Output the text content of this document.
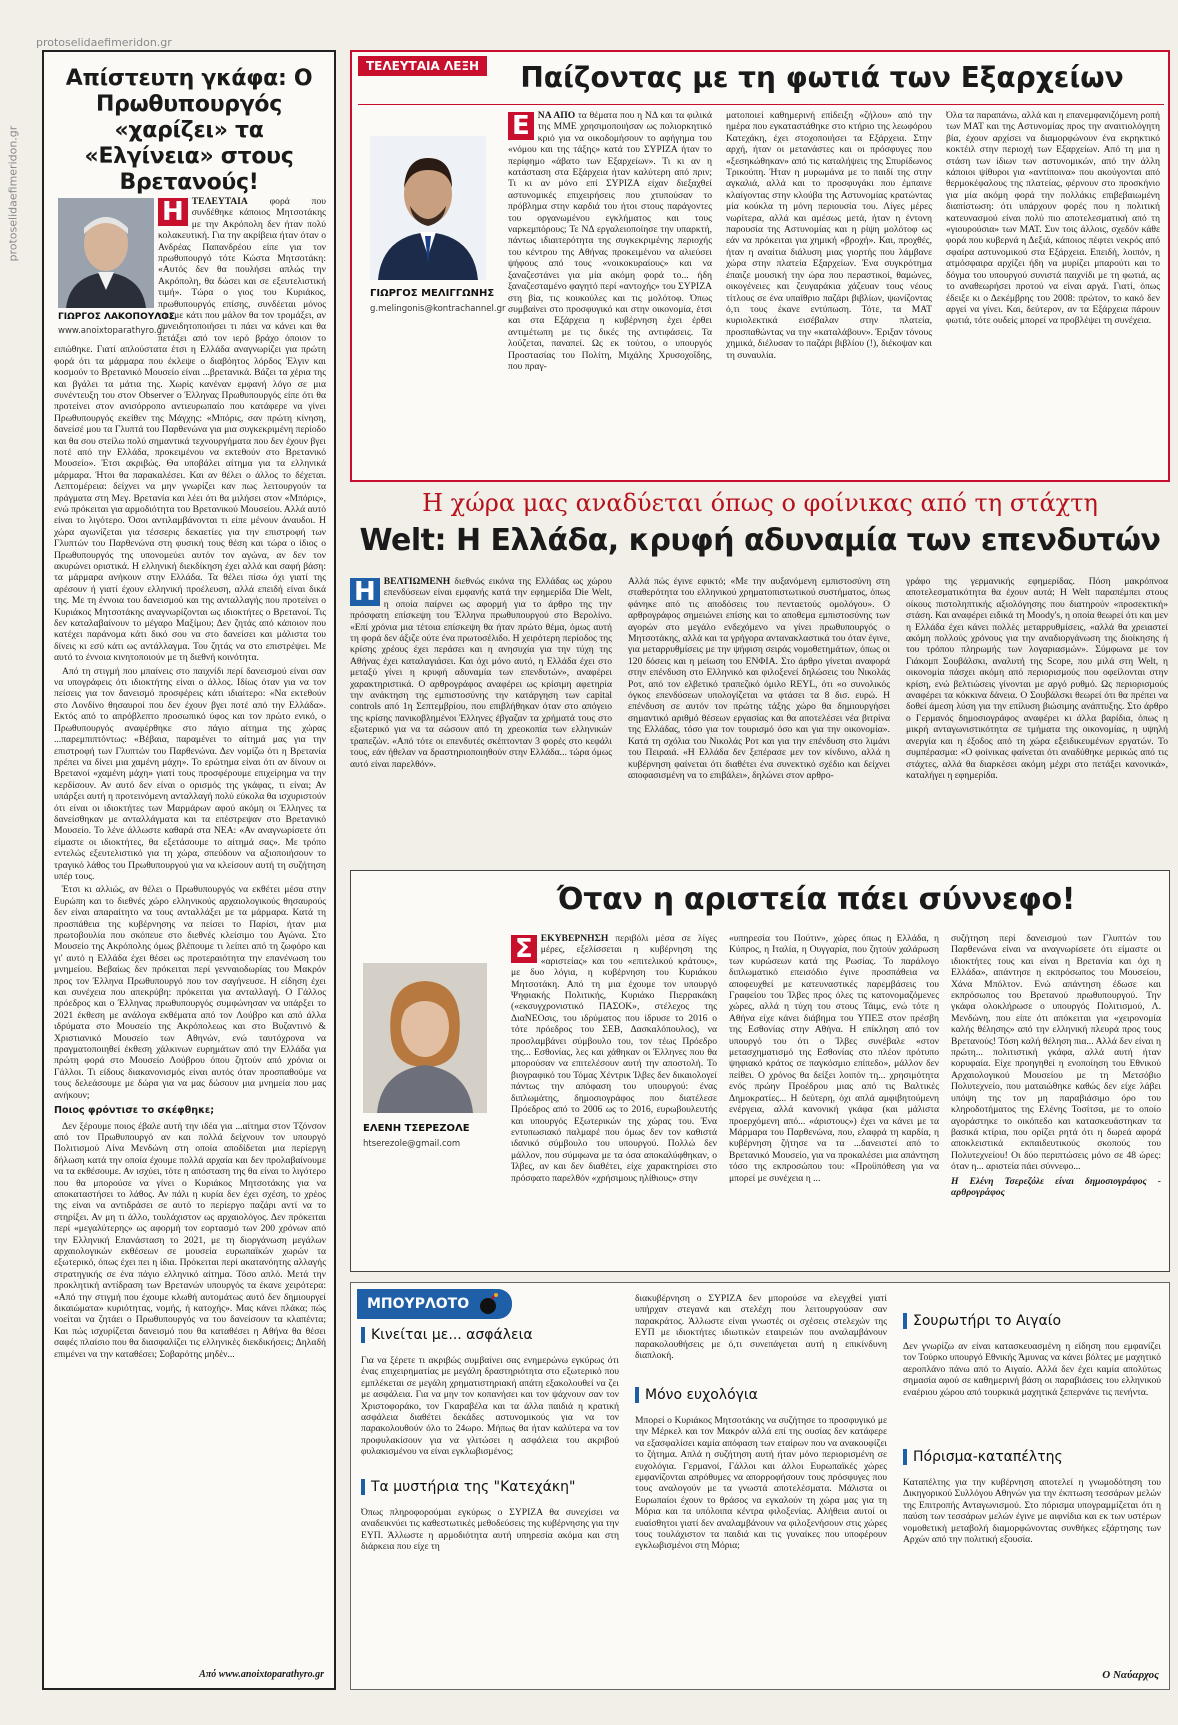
protoselidaefimeridon.gr
protoselidaefimeridon.gr
Απίστευτη γκάφα: Ο Πρωθυπουργός «χαρίζει» τα «Ελγίνεια» στους Βρετανούς!
ΓΙΩΡΓΟΣ ΛΑΚΟΠΟΥΛΟΣ
www.anoixtoparathyro.gr
Η ΤΕΛΕΥΤΑΙΑ φορά που συνδέθηκε κάποιος Μητσοτάκης με την Ακρόπολη δεν ήταν πολύ κολακευτική. Για την ακρίβεια ήταν όταν ο Ανδρέας Παπανδρέου είπε για τον πρωθυπουργό τότε Κώστα Μητσοτάκη: «Αυτός δεν θα πουλήσει απλώς την Ακρόπολη, θα δώσει και σε εξευτελιστική τιμή». Τώρα ο γιος του Κυριάκος, πρωθυπουργός επίσης, συνδέεται μόνος του με κάτι που μάλον θα τον τρομάξει, αν συνειδητοποιήσει τι πάει να κάνει και θα πετάξει από τον ιερό βράχο όποιον το ειπώθηκε. Γιατί απλούστατα έτσι η Ελλάδα αναγνωρίζει για πρώτη φορά ότι τα μάρμαρα που έκλεψε ο διαβόητος λόρδος Έλγιν και κοσμούν το Βρετανικό Μουσείο είναι ...βρετανικά. Βάζει τα χέρια της και βγάλει τα μάτια της. Χωρίς κανέναν εμφανή λόγο σε μια συνέντευξη του στον Observer ο Έλληνας Πρωθυπουργός είπε ότι θα προτείνει στον ανισόρροπο αντιευρωπαίο που κατάφερε να γίνει Πρωθυπουργός εκείθεν της Μάγχης: «Μπόρις, σαν πρώτη κίνηση, δανείσέ μου τα Γλυπτά του Παρθενώνα για μια συγκεκριμένη περίοδο και θα σου στείλω πολύ σημαντικά τεχνουργήματα που δεν έχουν βγει ποτέ από την Ελλάδα, προκειμένου να εκτεθούν στο Βρετανικό Μουσείο». Έτσι ακριβώς. Θα υποβάλει αίτημα για τα ελληνικά μάρμαρα. Ήτοι θα παρακαλέσει. Και αν θέλει ο άλλος το δέχεται. Λεπτομέρεια: δείχνει να μην γνωρίζει καν πως λειτουργούν τα πράγματα στη Μεγ. Βρετανία και λέει ότι θα μιλήσει στον «Μπόρις», ενώ πρόκειται για αρμοδιότητα του Βρετανικού Μουσείου. Αλλά αυτό είναι το λιγότερο. Όσοι αντιλαμβάνονται τι είπε μένουν άναυδοι. Η χώρα αγωνίζεται για τέσσερις δεκαετίες για την επιστροφή των Γλυπτών του Παρθενώνα στη φυσική τους θέση και τώρα ο ίδιος ο Πρωθυπουργός της υπονομεύει αυτόν τον αγώνα, αν δεν τον ακυρώνει οριστικά. Η ελληνική διεκδίκηση έχει αλλά και σαφή βάση: τα μάρμαρα ανήκουν στην Ελλάδα. Τα θέλει πίσω όχι γιατί της αρέσουν ή γιατί έχουν ελληνική προέλευση, αλλά επειδή είναι δικά της. Με τη έννοια του δανεισμού και της ανταλλαγής που προτείνει ο Κυριάκος Μητσοτάκης αναγνωρίζονται ως ιδιοκτήτες ο Βρετανοί. Τις δεν καταλαβαίνουν το μέγαρο Μαξίμου; Δεν ζητάς από κάποιον που κατέχει παράνομα κάτι δικό σου να στο δανείσει και μάλιστα του δίνεις κι εσύ κάτι ως αντάλλαγμα. Του ζητάς να στο επιστρέψει. Με αυτό το έννοια κινητοποιούν με τη διεθνή κοινότητα.

Από τη στιγμή που μπαίνεις στο παιχνίδι περί δανεισμού είναι σαν να υπογράφεις ότι ιδιοκτήτης είναι ο άλλος. Ιδίως όταν για να τον πείσεις για τον δανεισμό προσφέρεις κάτι ιδιαίτερο: «Να εκτεθούν στο Λονδίνο θησαυροί που δεν έχουν βγει ποτέ από την Ελλάδα». Εκτός από το απρόβλεπτο προσωπικό ύφος και τον πρώτο ενικό, ο Πρωθυπουργός αναφέρθηκε στο πάγιο αίτημα της χώρας ...παρεμπιπτόντως: «Βέβαια, παραμένει το αίτημά μας για την επιστροφή των Γλυπτών του Παρθενώνα. Δεν νομίζω ότι η Βρετανία πρέπει να δίνει μια χαμένη μάχη». Το ερώτημα είναι ότι αν δίνουν οι Βρετανοί «χαμένη μάχη» γιατί τους προσφέρουμε επιχείρημα να την κερδίσουν. Αν αυτό δεν είναι ο ορισμός της γκάφας, τι είναι; Αν υπάρξει αυτή η προτεινόμενη ανταλλαγή πολύ εύκολα θα ισχυριστούν ότι είναι οι ιδιοκτήτες των Μαρμάρων αφού ακόμη οι Έλληνες τα δανείσθηκαν με ανταλλάγματα και τα επέστρεψαν στο Βρετανικό Μουσείο. Το λένε άλλωστε καθαρά στα ΝΕΑ: «Αν αναγνωρίσετε ότι είμαστε οι ιδιοκτήτες, θα εξετάσουμε το αίτημά σας». Με τρόπο εντελώς εξευτελιστικό για τη χώρα, σπεύδουν να αξιοποιήσουν το τραγικό λάθος του Πρωθυπουργού για να κλείσουν αυτή τη συζήτηση υπέρ τους.

Έτσι κι αλλιώς, αν θέλει ο Πρωθυπουργός να εκθέτει μέσα στην Ευρώπη και το διεθνές χώρο ελληνικούς αρχαιολογικούς θησαυρούς δεν είναι απαραίτητο να τους ανταλλάξει με τα μάρμαρα. Κατά τη προσπάθεια της κυβέρνησης να πείσει το Παρίσι, ήταν μια πρωτοβουλία που σκόπευε στο διεθνές κλείσιμο του Αγώνα. Στο Μουσείο της Ακρόπολης όμως βλέπουμε τι λείπει από τη ζωφόρο και γι' αυτό η Ελλάδα έχει θέσει ως προτεραιότητα την επανένωση του μνημείου. Βεβαίως δεν πρόκειται περί γενναιοδωρίας του Μακρόν προς τον Έλληνα Πρωθυπουργό που τον σαγήνευσε. Η είδηση έχει και συνέχεια που απεκρύβη: πρόκειται για ανταλλαγή. Ο Γάλλος πρόεδρος και ο Έλληνας πρωθυπουργός συμφώνησαν να υπάρξει το 2021 έκθεση με ανάλογα εκθέματα από τον Λούβρο και από άλλα ιδρύματα στο Μουσείο της Ακρόπολεως και στο Βυζαντινό & Χριστιανικό Μουσείο των Αθηνών, ενώ ταυτόχρονα να πραγματοποιηθεί έκθεση χάλκινων ευρημάτων από την Ελλάδα για πρώτη φορά στο Μουσείο Λούβρου όπου ζητούν από χρόνια οι Γάλλοι. Τι είδους διακανονισμός είναι αυτός όταν προσπαθούμε να τους δελεάσουμε με δώρα για να μας δώσουν μια μνημεία που μας ανήκουν;

Ποιος φρόντισε το σκέφθηκε;

Δεν ξέρουμε ποιος έβαλε αυτή την ιδέα για ...αίτημα στον Τζόνσον από τον Πρωθυπουργό αν και πολλά δείχνουν τον υπουργό Πολιτισμού Λίνα Μενδώνη στη οποία αποδίδεται μια περίεργη δήλωση κατά την οποία έχουμε πολλά αρχαία και δεν προλαβαίνουμε να τα εκθέσουμε. Αν ισχύει, τότε η απόσταση της θα είναι το λιγότερο που θα μπορούσε να γίνει ο Κυριάκος Μητσοτάκης για να αποκαταστήσει το λάθος. Αν πάλι η κυρία δεν έχει σχέση, το χρέος της είναι να αντιδράσει σε αυτό το περίεργο παζάρι αντί να το στηρίξει. Αν μη τι άλλο, τουλάχιστον ως αρχαιολόγος. Δεν πρόκειται περί «μεγαλύτερης» ως αφορμή τον εορτασμό των 200 χρόνων από την Ελληνική Επανάσταση το 2021, με τη διοργάνωση μεγάλων αρχαιολογικών εκθέσεων σε μουσεία ευρωπαϊκών χωρών τα εξωτερικό, όπως έχει πει η ίδια. Πρόκειται περί ακατανόητης αλλαγής στρατηγικής σε ένα πάγιο ελληνικό αίτημα. Τόσο απλό. Μετά την προκλητική αντίδραση των Βρετανών υπουργός τα έκανε χειρότερα: «Από την στιγμή που έχουμε κλωθή αυτομάτως αυτό δεν δημιουργεί δικαιώματα» κυριότητας, νομής, ή κατοχής». Μας κάνει πλάκα; πώς νοείται να ζητάει ο Πρωθυπουργός να του δανείσουν τα κλαπέντα; Και πώς ισχυρίζεται δανεισμό που θα καταθέσει η Αθήνα θα θέσει σαφές πλαίσιο που θα διασφαλίζει τις ελληνικές διεκδικήσεις; Δηλαδή επιμένει να την καταθέσει; Σοβαρότης μηδέν...

Από www.anoixtoparathyro.gr
ΤΕΛΕΥΤΑΙΑ ΛΕΞΗ	Παίζοντας με τη φωτιά των Εξαρχείων
ΓΙΩΡΓΟΣ ΜΕΛΙΓΓΩΝΗΣ
g.melingonis@kontrachannel.gr
Ε ΝΑ ΑΠΟ τα θέματα που η ΝΔ και τα φιλικά της ΜΜΕ χρησιμοποιήσαν ως πολιορκητικό κριό για να οικοδομήσουν το αφήγημα του «νόμου και της τάξης» κατά του ΣΥΡΙΖΑ ήταν το περίφημο «άβατο των Εξαρχείων». Τι κι αν η κατάσταση στα Εξάρχεια ήταν καλύτερη από πριν; Τι κι αν μόνο επί ΣΥΡΙΖΑ είχαν διεξαχθεί αστυνομικές επιχειρήσεις που χτυπούσαν το πρόβλημα στην καρδιά του ήτοι στους παράγοντες του οργανωμένου εγκλήματος και τους ναρκεμπόρους; Τε ΝΔ εργαλειοποίησε την υπαρκτή, πάντως ιδιαιτερότητα της συγκεκριμένης περιοχής του κέντρου της Αθήνας προκειμένου να αλιεύσει ψήφους από τους «νοικοκυραίους» και να ξαναζεστάνει για μία ακόμη φορά το... ήδη ξαναζεσταμένο φαγητό περί «αντοχής» του ΣΥΡΙΖΑ στη βία, τις κουκούλες και τις μολότοφ. Όπως συμβαίνει στο προσφυγικό και στην οικονομία, έτσι και στα Εξάρχεια η κυβέρνηση έχει έρθει αντιμέτωπη με τις δικές της αντιφάσεις. Τα λούζεται, παναπεί. Ως εκ τούτου, ο υπουργός Προστασίας του Πολίτη, Μιχάλης Χρυσοχοΐδης, που πραγ-
ματοποιεί καθημερινή επίδειξη «ζήλου» από την ημέρα που εγκαταστάθηκε στο κτήριο της λεωφόρου Κατεχάκη, έχει στοχοποιήσει τα Εξάρχεια. Στην αρχή, ήταν οι μετανάστες και οι πρόσφυγες που «ξεσηκώθηκαν» από τις καταλήψεις της Σπυρίδωνος Τρικούπη. Ήταν η μυρωμάνα με το παιδί της στην αγκαλιά, αλλά και το προσφυγάκι που έμπαινε κλαίγοντας στην κλούβα της Αστυνομίας κρατώντας μία κούκλα τη μόνη περιουσία του. Λίγες μέρες νωρίτερα, αλλά και αμέσως μετά, ήταν η έντονη παρουσία της Αστυνομίας και η ρίψη μολότοφ ως εάν να πρόκειται για χημική «βροχή». Και, προχθές, ήταν η αναίτια διάλυση μιας γιορτής που λάμβανε χώρα στην πλατεία Εξαρχείων. Ένα συγκρότημα έπαιζε μουσική την ώρα που περαστικοί, θαμώνες, οικογένειες και ζευγαράκια χάζευαν τους νέους τίτλους σε ένα υπαίθριο παζάρι βιβλίων, ψωνίζοντας ό,τι τους έκανε εντύπωση. Τότε, τα ΜΑΤ κυριολεκτικά εισέβαλαν στην πλατεία, προσπαθώντας να την «καταλάβουν». Έριξαν τόνους χημικά, διέλυσαν το παζάρι βιβλίου (!), διέκοψαν και τη συναυλία.
Όλα τα παραπάνω, αλλά και η επανεμφανιζόμενη ροπή των ΜΑΤ και της Αστυνομίας προς την αναιτιολόγητη βία, έχουν αρχίσει να διαμορφώνουν ένα εκρηκτικό κοκτέιλ στην περιοχή των Εξαρχείων. Από τη μια η στάση των ίδιων των αστυνομικών, από την άλλη κάποιοι ψίθυροι για «αντίποινα» που ακούγονται από θερμοκέφαλους της πλατείας, φέρνουν στο προσκήνιο για μία ακόμη φορά την πολλάκις επιβεβαιωμένη διαπίστωση: ότι υπάρχουν φορές που η πολιτική κατευνασμού είναι πολύ πιο αποτελεσματική από τη «γιουρούσια» των ΜΑΤ. Συν τοις άλλοις, σχεδόν κάθε φορά που κυβερνά η Δεξιά, κάποιος πέφτει νεκρός από σφαίρα αστυνομικού στα Εξάρχεια. Επειδή, λοιπόν, η ατμόσφαιρα αρχίζει ήδη να μυρίζει μπαρούτι και το δόγμα του υπουργού συνιστά παιχνίδι με τη φωτιά, ας το αναθεωρήσει προτού να είναι αργά. Γιατί, όπως έδειξε κι ο Δεκέμβρης του 2008: πρώτον, το κακό δεν αργεί να γίνει. Και, δεύτερον, αν τα Εξάρχεια πάρουν φωτιά, τότε ουδείς μπορεί να προβλέψει τη συνέχεια.
Η χώρα μας αναδύεται όπως ο φοίνικας από τη στάχτη
Welt: Η Ελλάδα, κρυφή αδυναμία των επενδυτών
Η ΒΕΛΤΙΩΜΕΝΗ διεθνώς εικόνα της Ελλάδας ως χώρου επενδύσεων είναι εμφανής κατά την εφημερίδα Die Welt, η οποία παίρνει ως αφορμή για το άρθρο της την πρόσφατη επίσκεψη του Έλληνα πρωθυπουργού στο Βερολίνο. «Επί χρόνια μια τέτοια επίσκεψη θα ήταν πρώτο θέμα, όμως αυτή τη φορά δεν άξιζε ούτε ένα πρωτοσέλιδο. Η χειρότερη περίοδος της κρίσης χρέους έχει περάσει και η ανησυχία για την τύχη της Αθήνας έχει καταλαγιάσει. Και όχι μόνο αυτό, η Ελλάδα έχει στο μεταξύ γίνει η κρυφή αδυναμία των επενδυτών», αναφέρει χαρακτηριστικά. Ο αρθρογράφος αναφέρει ως κρίσιμη αφετηρία την ανάκτηση της εμπιστοσύνης την κατάργηση των capital controls από 1η Σεπτεμβρίου, που επιβλήθηκαν όταν στο απόγειο της κρίσης πανικοβλημένοι Έλληνες έβγαζαν τα χρήματά τους στο εξωτερικό για να τα σώσουν από τη χρεοκοπία των ελληνικών τραπεζών. «Από τότε οι επενδυτές σκέπτονταν 3 φορές στο κεφάλι τους, εάν ήθελαν να δραστηριοποιηθούν στην Ελλάδα... τώρα όμως αυτό είναι παρελθόν».
Αλλά πώς έγινε εφικτό; «Με την αυξανόμενη εμπιστοσύνη στη σταθερότητα του ελληνικού χρηματοπιστωτικού συστήματος, όπως φάνηκε από τις αποδόσεις του πενταετούς ομολόγου». Ο αρθρογράφος σημειώνει επίσης και το αποθεμα εμπιστοσύνης των αγορών στο μεγάλο ενδεχόμενο να γίνει πρωθυπουργός ο Μητσοτάκης, αλλά και τα γρήγορα αντανακλαστικά του όταν έγινε, για μεταρρυθμίσεις με την ψήφιση σειράς νομοθετημάτων, όπως οι 120 δόσεις και η μείωση του ΕΝΦΙΑ. Στο άρθρο γίνεται αναφορά στην επένδυση στο Ελληνικό και φιλοξενεί δηλώσεις του Νικολάς Ροτ, από τον ελβετικό τραπεζικό όμιλο REYL, ότι «ο συνολικός όγκος επενδύσεων υπολογίζεται να φτάσει τα 8 δισ. ευρώ. Η επένδυση σε αυτόν τον πρώτης τάξης χώρο θα δημιουργήσει σημαντικό αριθμό θέσεων εργασίας και θα αποτελέσει νέα βιτρίνα της Ελλάδας, τόσο για τον τουρισμό όσο και για την οικονομία». Κατά τη σχόλια του Νικολάς Ροτ και για την επένδυση στο λιμάνι του Πειραιά. «Η Ελλάδα δεν ξεπέρασε μεν τον κίνδυνο, αλλά η κυβέρνηση φαίνεται ότι διαθέτει ένα συνεκτικό σχέδιο και δείχνει αποφασισμένη να το επιβάλει», δηλώνει στον αρθρο-
γράφο της γερμανικής εφημερίδας. Πόση μακρόπνοα αποτελεσματικότητα θα έχουν αυτά; Η Welt παραπέμπει στους οίκους πιστοληπτικής αξιολόγησης που διατηρούν «προσεκτική» στάση. Και αναφέρει ειδικά τη Moody's, η οποία θεωρεί ότι και μεν η Ελλάδα έχει κάνει πολλές μεταρρυθμίσεις, «αλλά θα χρειαστεί ακόμη πολλούς χρόνους για την αναδιοργάνωση της διοίκησης ή του τρόπου πληρωμής των λογαριασμών». Σύμφωνα με τον Γιάκομπ Σουβάλσκι, αναλυτή της Scope, που μιλά στη Welt, η οικονομία πάσχει ακόμη από περιορισμούς που οφείλονται στην κρίση, ενώ βελτιώσεις γίνονται με αργό ρυθμό. Ως περιορισμούς αναφέρει τα κόκκινα δάνεια. Ο Σουβάλσκι θεωρεί ότι θα πρέπει να δοθεί άμεση λύση για την επίλυση βιώσιμης ανάπτυξης. Στο άρθρο ο Γερμανός δημοσιογράφος αναφέρει κι άλλα βαρίδια, όπως η μικρή ανταγωνιστικότητα σε τμήματα της οικονομίας, η υψηλή ανεργία και η έξοδος από τη χώρα εξειδικευμένων εργατών. Το συμπέρασμα: «Ο φοίνικας φαίνεται ότι αναδύθηκε μερικώς από τις στάχτες, αλλά θα διαρκέσει ακόμη μέχρι στο πετάξει κανονικά», καταλήγει η εφημερίδα.
Όταν η αριστεία πάει σύννεφο!
ΕΛΕΝΗ ΤΣΕΡΕΖΟΛΕ
htserezole@gmail.com
Σ ΕΚΥΒΕΡΝΗΣΗ περιβόλι μέσα σε λίγες μέρες, εξελίσσεται η κυβέρνηση της «αριστείας» και του «επιτελικού κράτους», με δυο λόγια, η κυβέρνηση του Κυριάκου Μητσοτάκη. Από τη μια έχουμε τον υπουργό Ψηφιακής Πολιτικής, Κυριάκο Πιερρακάκη («εκσυγχρονιστικό ΠΑΣΟΚ», στέλεχος της ΔιαΝΕΟσις, του ιδρύματος που ίδρυσε το 2016 ο τότε πρόεδρος του ΣΕΒ, Δασκαλόπουλος), να προσλαμβάνει σύμβουλο του, τον τέως Πρόεδρο της... Εσθονίας, λες και χάθηκαν οι Έλληνες που θα μπορούσαν να επιτελέσουν αυτή την αποστολή. Το βιογραφικό του Τόμας Χέντρικ Ίλβες δεν δικαιολογεί πάντως την απόφαση του υπουργού: ένας διπλωμάτης, δημοσιογράφος που διατέλεσε Πρόεδρος από το 2006 ως το 2016, ευρωβουλευτής και υπουργός Εξωτερικών της χώρας του. Ένα εντυπωσιακό παλμαρέ που όμως δεν τον καθιστά ιδανικό σύμβουλο του υπουργού. Πολλώ δεν μάλλον, που σύμφωνα με τα όσα αποκαλύφθηκαν, ο Ίλβες, αν και δεν διαθέτει, είχε χαρακτηρίσει στο πρόσφατο παρελθόν «χρήσιμους ηλίθιους» στην
«υπηρεσία του Πούτιν», χώρες όπως η Ελλάδα, η Κύπρος, η Ιταλία, η Ουγγαρία, που ζητούν χαλάρωση των κυρώσεων κατά της Ρωσίας. Το παράλογο διπλωματικό επεισόδιο έγινε προσπάθεια να αποφευχθεί με κατευναστικές παρεμβάσεις του Γραφείου του Ίλβες προς όλες τις κατονομαζόμενες χώρες, αλλά η τύχη του στους Τάιμς, ενώ τότε η Αθήνα είχε κάνει διάβημα του ΥΠΕΞ στον πρέσβη της Εσθονίας στην Αθήνα. Η επίκληση από τον υπουργό του ότι ο Ίλβες συνέβαλε «στον μετασχηματισμό της Εσθονίας στο πλέον πρότυπο ψηφιακό κράτος σε παγκόσμιο επίπεδο», μάλλον δεν πείθει. Ο χρόνος θα δείξει λοιπόν τη... χρησιμότητα ενός πρώην Προέδρου μιας από τις Βαλτικές Δημοκρατίες... Η δεύτερη, όχι απλά αμφιβητούμενη ενέργεια, αλλά κανονική γκάφα (και μάλιστα προερχόμενη από... «άριστους») έχει να κάνει με τα Μάρμαρα του Παρθενώνα, που, ελαφρά τη καρδία, η κυβέρνηση ζήτησε να τα ...δανειστεί από το Βρετανικό Μουσείο, για να προκαλέσει μια απάντηση τόσο της εκπροσώπου του: «Προϋπόθεση για να μπορεί με συνέχεια η ...
συζήτηση περί δανεισμού των Γλυπτών του Παρθενώνα είναι να αναγνωρίσετε ότι είμαστε οι ιδιοκτήτες τους και είναι η Βρετανία και όχι η Ελλάδα», απάντησε η εκπρόσωπος του Μουσείου, Χάνα Μπόλτον. Ενώ απάντηση έδωσε και εκπρόσωπος του Βρετανού πρωθυπουργού. Την γκάφα ολοκλήρωσε ο υπουργός Πολιτισμού, Λ. Μενδώνη, που είπε ότι απόκειται για «χειρονομία καλής θέλησης» από την ελληνική πλευρά προς τους Βρετανούς! Τόση καλή θέληση πια... Αλλά δεν είναι η πρώτη... πολιτιστική γκάφα, αλλά αυτή ήταν κορυφαία. Είχε προηγηθεί η ενοποίηση του Εθνικού Αρχαιολογικού Μουσείου με τη Μετσόβιο Πολυτεχνείο, που ματαιώθηκε καθώς δεν είχε λάβει υπόψη της τον μη παραβιάσιμο όρο του κληροδοτήματος της Ελένης Τοσίτσα, με το οποίο αγοράστηκε το οικόπεδο και κατασκευάστηκαν τα βασικά κτίρια, που ορίζει ρητά ότι η δωρεά αφορά αποκλειστικά εκπαιδευτικούς σκοπούς του Πολυτεχνείου! Οι δύο περιπτώσεις μόνο σε 48 ώρες: όταν η... αριστεία πάει σύννεφο...

Η Ελένη Τσερεζόλε είναι δημοσιογράφος - αρθρογράφος

ΜΠΟΥΡΛΟΤΟ
Κινείται με... ασφάλεια
Για να ξέρετε τι ακριβώς συμβαίνει σας ενημερώνω εγκύρως ότι ένας επιχειρηματίας με μεγάλη δραστηριότητα στο εξωτερικό που εμπλέκεται σε μεγάλη χρηματιστηριακή απάτη εξακολουθεί να ζει με ασφάλεια. Για να μην τον κοπανήσει και τον ψάχνουν σαν τον Χριστοφοράκο, τον Γκαραβέλα και τα άλλα παιδιά η κρατική ασφάλεια διαθέτει δεκάδες αστυνομικούς για να τον παρακολουθούν όλο το 24ωρο. Μήπως θα ήταν καλύτερα να τον προφυλακίσουν για να γλιτώσει η ασφάλεια του ακριβού φυλακισμένου να είναι εγκλωβισμένος;
Τα μυστήρια της "Κατεχάκη"
Όπως πληροφορούμαι εγκύρως ο ΣΥΡΙΖΑ θα συνεχίσει να αναδεικνύει τις καθεστωτικές μεθοδεύσεις της κυβέρνησης για την ΕΥΠ. Άλλωστε η αρμοδιότητα αυτή υπηρεσία ακόμα και στη διάρκεια που είχε τη
διακυβέρνηση ο ΣΥΡΙΖΑ δεν μπορούσε να ελεγχθεί γιατί υπήρχαν στεγανά και στελέχη που λειτουργούσαν σαν παρακράτος. Άλλωστε είναι γνωστές οι σχέσεις στελεχών της ΕΥΠ με ιδιοκτήτες ιδιωτικών εταιρειών που αναλαμβάνουν παρακολουθήσεις με ό,τι συνεπάγεται αυτή η επικίνδυνη διαπλοκή.
Μόνο ευχολόγια
Μπορεί ο Κυριάκος Μητσοτάκης να συζήτησε το προσφυγικό με την Μέρκελ και τον Μακρόν αλλά επί της ουσίας δεν κατάφερε να εξασφαλίσει καμία απόφαση των εταίρων που να ανακουφίζει το ζήτημα. Απλά η συζήτηση αυτή ήταν μόνο περιορισμένη σε ευχολόγια. Γερμανοί, Γάλλοι και άλλοι Ευρωπαϊκές χώρες εμφανίζονται απρόθυμες να απορροφήσουν τους πρόσφυγες που τους αναλογούν με τα γνωστά αποτελέσματα. Μάλιστα οι Ευρωπαίοι έχουν το θράσος να εγκαλούν τη χώρα μας για τη Μόρια και τα υπόλοιπα κέντρα φιλοξενίας. Αλήθεια αυτοί οι ευαίσθητοι γιατί δεν αναλαμβάνουν να φιλοξενήσουν στις χώρες τους τουλάχιστον τα παιδιά και τις γυναίκες που υποφέρουν εγκλωβισμένοι στη Μόρια;
Σουρωτήρι το Αιγαίο
Δεν γνωρίζω αν είναι κατασκευασμένη η είδηση που εμφανίζει τον Τούρκο υπουργό Εθνικής Άμυνας να κάνει βόλτες με μαχητικό αεροπλάνο πάνω από το Αιγαίο. Αλλά δεν έχει καμία απολύτως σημασία αφού σε καθημερινή βάση οι παραβιάσεις του ελληνικού εναέριου χώρου από τουρκικά μαχητικά ξεπερνάνε τις πενήντα.
Πόρισμα-καταπέλτης
Καταπέλτης για την κυβέρνηση αποτελεί η γνωμοδότηση του Δικηγορικού Συλλόγου Αθηνών για την έκπτωση τεσσάρων μελών της Επιτροπής Ανταγωνισμού. Στο πόρισμα υπογραμμίζεται ότι η παύση των τεσσάρων μελών έγινε με αιφνίδια και εκ των υστέρων νομοθετική μεταβολή διαμορφώνοντας συνθήκες εξάρτησης των Αρχών από την πολιτική εξουσία.
Ο Ναύαρχος
